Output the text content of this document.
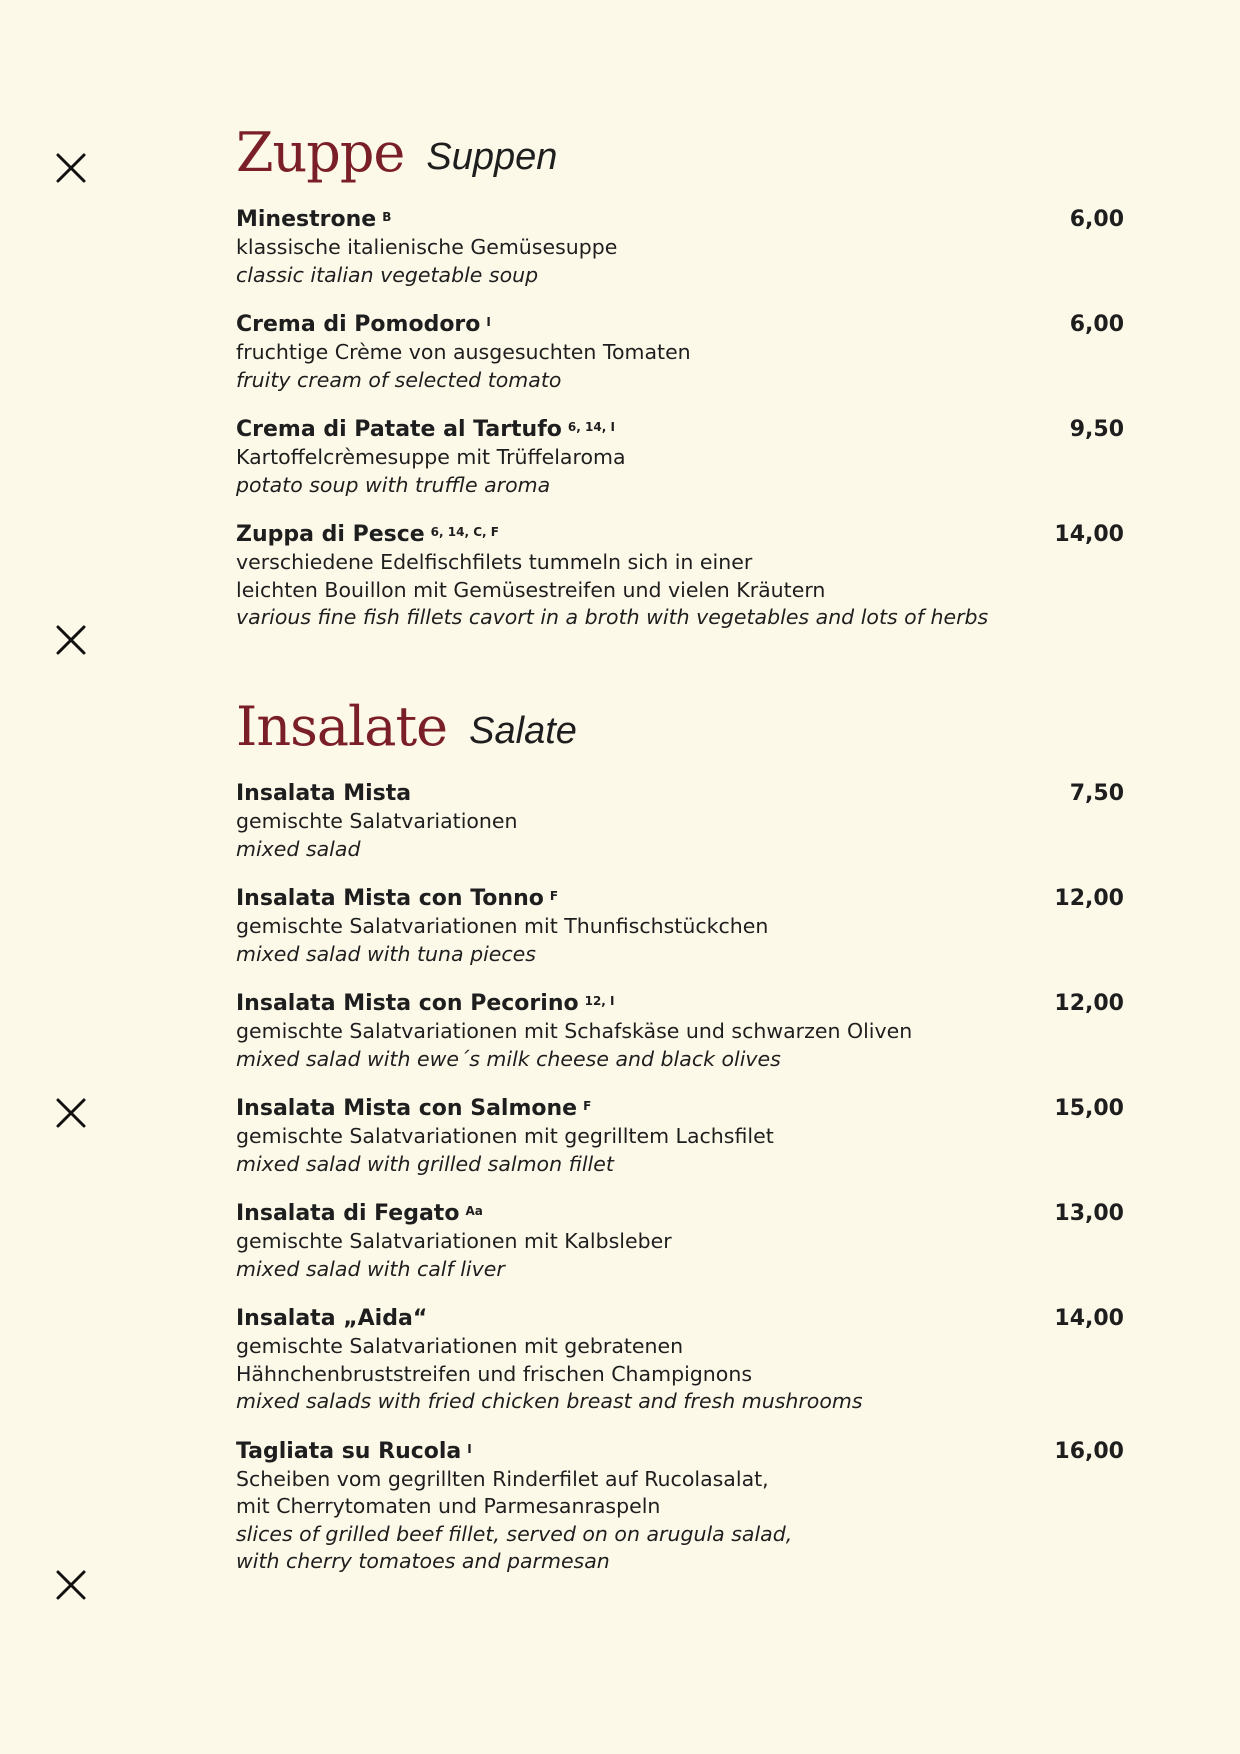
Zuppe Suppen
Minestrone $^B$	6,00
klassische italienische Gemüsesuppe
classic italian vegetable soup
Crema di Pomodoro $^I$	6,00
fruchtige Crème von ausgesuchten Tomaten
fruity cream of selected tomato
Crema di Patate al Tartufo $^{6, 14, I}$	9,50
Kartoffelcrèmesuppe mit Trüffelaroma
potato soup with truffle aroma
Zuppa di Pesce $^{6, 14, C, F}$	14,00
verschiedene Edelfischfilets tummeln sich in einer
leichten Bouillon mit Gemüsestreifen und vielen Kräutern
various fine fish fillets cavort in a broth with vegetables and lots of herbs
Insalate Salate
Insalata Mista	7,50
gemischte Salatvariationen
mixed salad
Insalata Mista con Tonno $^F$	12,00
gemischte Salatvariationen mit Thunfischstückchen
mixed salad with tuna pieces
Insalata Mista con Pecorino $^{12, I}$	12,00
gemischte Salatvariationen mit Schafskäse und schwarzen Oliven
mixed salad with ewe´s milk cheese and black olives
Insalata Mista con Salmone $^F$	15,00
gemischte Salatvariationen mit gegrilltem Lachsfilet
mixed salad with grilled salmon fillet
Insalata di Fegato $^{Aa}$	13,00
gemischte Salatvariationen mit Kalbsleber
mixed salad with calf liver
Insalata „Aida“	14,00
gemischte Salatvariationen mit gebratenen
Hähnchenbruststreifen und frischen Champignons
mixed salads with fried chicken breast and fresh mushrooms
Tagliata su Rucola $^I$	16,00
Scheiben vom gegrillten Rinderfilet auf Rucolasalat,
mit Cherrytomaten und Parmesanraspeln
slices of grilled beef fillet, served on on arugula salad,
with cherry tomatoes and parmesan
